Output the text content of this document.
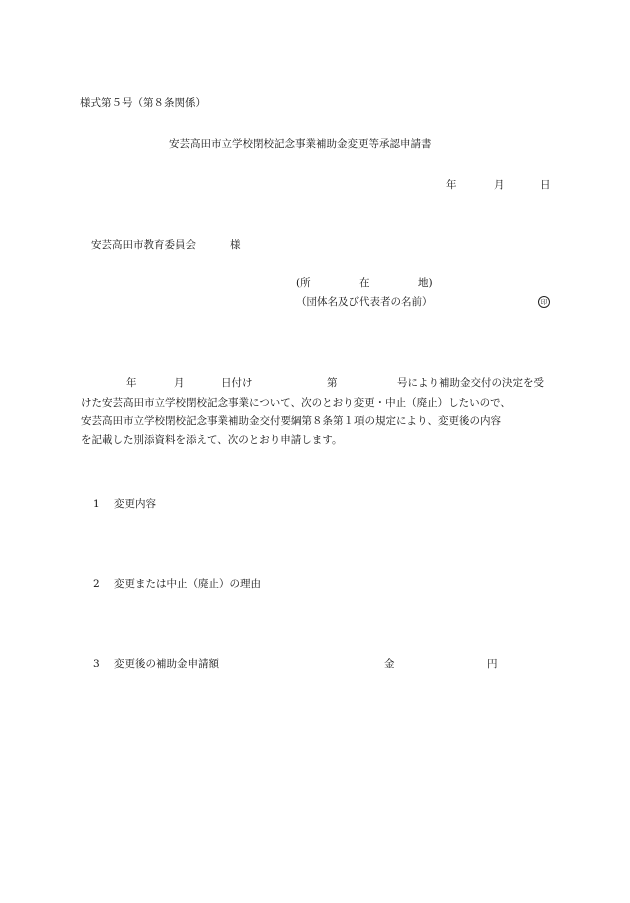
様式第５号（第８条関係）
安芸高田市立学校閉校記念事業補助金変更等承認申請書
年	月	日
安芸高田市教育委員会	様
(所	在	地)
（団体名及び代表者の名前）	印
年	月	日付け	第	号により補助金交付の決定を受
けた安芸高田市立学校閉校記念事業について、次のとおり変更・中止（廃止）したいので、
安芸高田市立学校閉校記念事業補助金交付要綱第８条第１項の規定により、変更後の内容
を記載した別添資料を添えて、次のとおり申請します。
1 変更内容
2 変更または中止（廃止）の理由
3 変更後の補助金申請額	金	円
